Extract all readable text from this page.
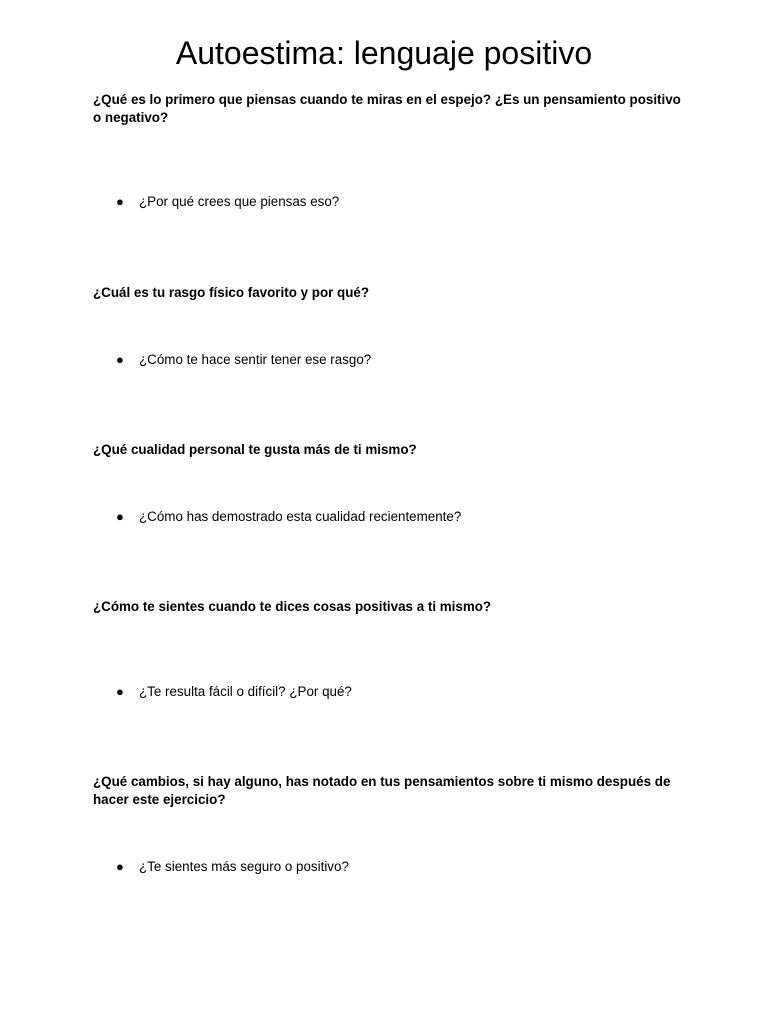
Autoestima: lenguaje positivo

¿Qué es lo primero que piensas cuando te miras en el espejo? ¿Es un pensamiento positivo o negativo?

●	¿Por qué crees que piensas eso?

¿Cuál es tu rasgo físico favorito y por qué?

●	¿Cómo te hace sentir tener ese rasgo?

¿Qué cualidad personal te gusta más de ti mismo?

●	¿Cómo has demostrado esta cualidad recientemente?

¿Cómo te sientes cuando te dices cosas positivas a ti mismo?

●	¿Te resulta fácil o difícil? ¿Por qué?

¿Qué cambios, si hay alguno, has notado en tus pensamientos sobre ti mismo después de hacer este ejercicio?

●	¿Te sientes más seguro o positivo?
